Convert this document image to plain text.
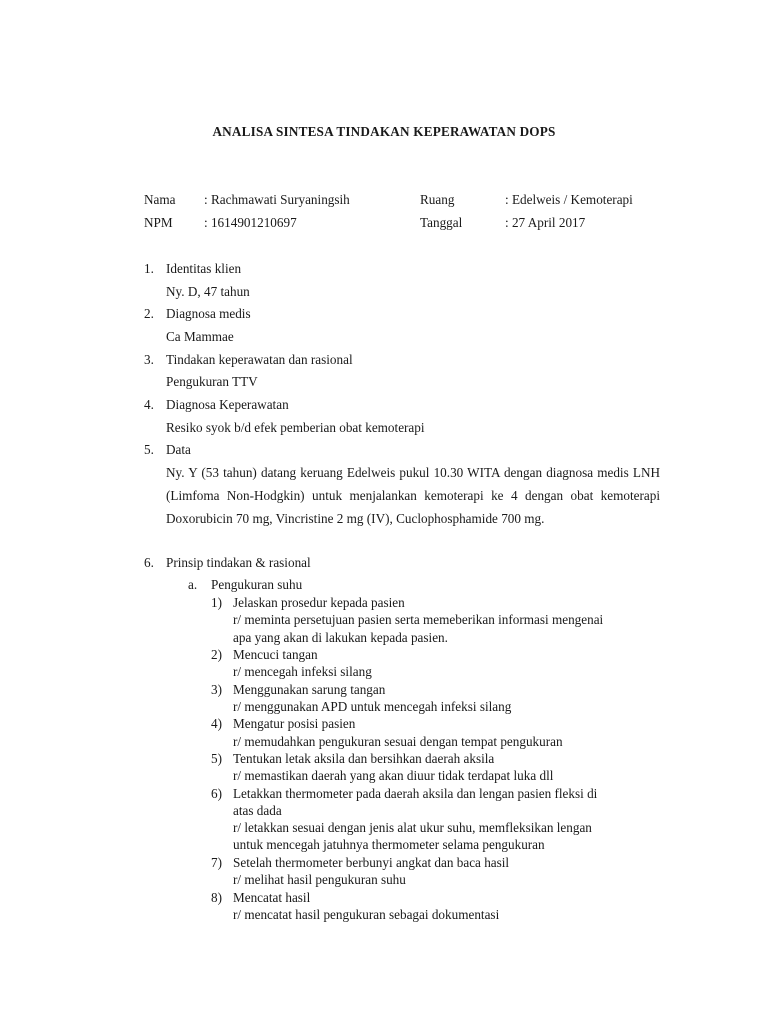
ANALISA SINTESA TINDAKAN KEPERAWATAN DOPS
Nama : Rachmawati Suryaningsih	Ruang	: Edelweis / Kemoterapi
NPM : 1614901210697	Tanggal	: 27 April 2017
1. Identitas klien
Ny. D, 47 tahun
2. Diagnosa medis
Ca Mammae
3. Tindakan keperawatan dan rasional
Pengukuran TTV
4. Diagnosa Keperawatan
Resiko syok b/d efek pemberian obat kemoterapi
5. Data
Ny. Y (53 tahun) datang keruang Edelweis pukul 10.30 WITA dengan diagnosa medis LNH (Limfoma Non-Hodgkin) untuk menjalankan kemoterapi ke 4 dengan obat kemoterapi Doxorubicin 70 mg, Vincristine 2 mg (IV), Cuclophosphamide 700 mg.
6. Prinsip tindakan & rasional
a. Pengukuran suhu
1) Jelaskan prosedur kepada pasien
r/ meminta persetujuan pasien serta memeberikan informasi mengenai
apa yang akan di lakukan kepada pasien.
2) Mencuci tangan
r/ mencegah infeksi silang
3) Menggunakan sarung tangan
r/ menggunakan APD untuk mencegah infeksi silang
4) Mengatur posisi pasien
r/ memudahkan pengukuran sesuai dengan tempat pengukuran
5) Tentukan letak aksila dan bersihkan daerah aksila
r/ memastikan daerah yang akan diuur tidak terdapat luka dll
6) Letakkan thermometer pada daerah aksila dan lengan pasien fleksi di
atas dada
r/ letakkan sesuai dengan jenis alat ukur suhu, memfleksikan lengan
untuk mencegah jatuhnya thermometer selama pengukuran
7) Setelah thermometer berbunyi angkat dan baca hasil
r/ melihat hasil pengukuran suhu
8) Mencatat hasil
r/ mencatat hasil pengukuran sebagai dokumentasi
